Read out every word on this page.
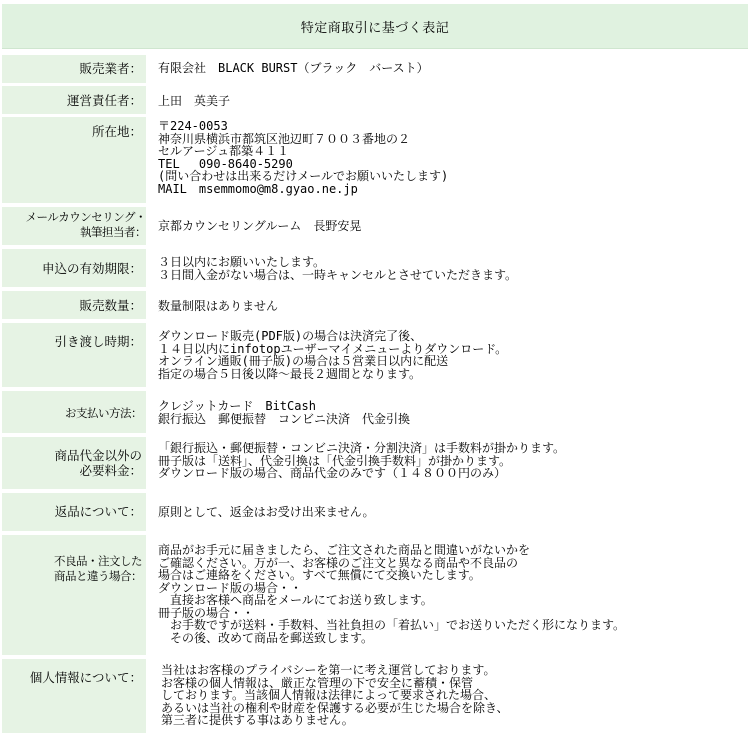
特定商取引に基づく表記
販売業者：	有限会社　BLACK BURST（ブラック　バースト）
運営責任者：	上田　英美子
所在地：	〒224-0053
神奈川県横浜市都筑区池辺町７００３番地の２
セルアージュ都築４１１
TEL　 090-8640-5290
(問い合わせは出来るだけメールでお願いいたします)
MAIL　msemmomo@m8.gyao.ne.jp
メールカウンセリング・
執筆担当者： 京都カウンセリングルーム　長野安晃
申込の有効期限：	３日以内にお願いいたします。
３日間入金がない場合は、一時キャンセルとさせていただきます。
販売数量：	数量制限はありません
引き渡し時期：	ダウンロード販売(PDF版)の場合は決済完了後、
１４日以内にinfotopユーザーマイメニューよりダウンロード。
オンライン通販(冊子版)の場合は５営業日以内に配送
指定の場合５日後以降～最長２週間となります。
お支払い方法：	クレジットカード　BitCash
銀行振込　郵便振替　コンビニ決済　代金引換
商品代金以外の
必要料金：
「銀行振込・郵便振替・コンビニ決済・分割決済」は手数料が掛かります。
冊子版は「送料」、代金引換は「代金引換手数料」が掛かります。
ダウンロード版の場合、商品代金のみです（１４８００円のみ）
返品について：	原則として、返金はお受け出来ません。
不良品・注文した
商品と違う場合：
商品がお手元に届きましたら、ご注文された商品と間違いがないかを
ご確認ください。万が一、お客様のご注文と異なる商品や不良品の
場合はご連絡をください。すべて無償にて交換いたします。
ダウンロード版の場合・・
　直接お客様へ商品をメールにてお送り致します。
冊子版の場合・・
　お手数ですが送料・手数料、当社負担の「着払い」でお送りいただく形になります。
　その後、改めて商品を郵送致します。
個人情報について：	当社はお客様のプライバシーを第一に考え運営しております。
お客様の個人情報は、厳正な管理の下で安全に蓄積・保管
しております。当該個人情報は法律によって要求された場合、
あるいは当社の権利や財産を保護する必要が生じた場合を除き、
第三者に提供する事はありません。
